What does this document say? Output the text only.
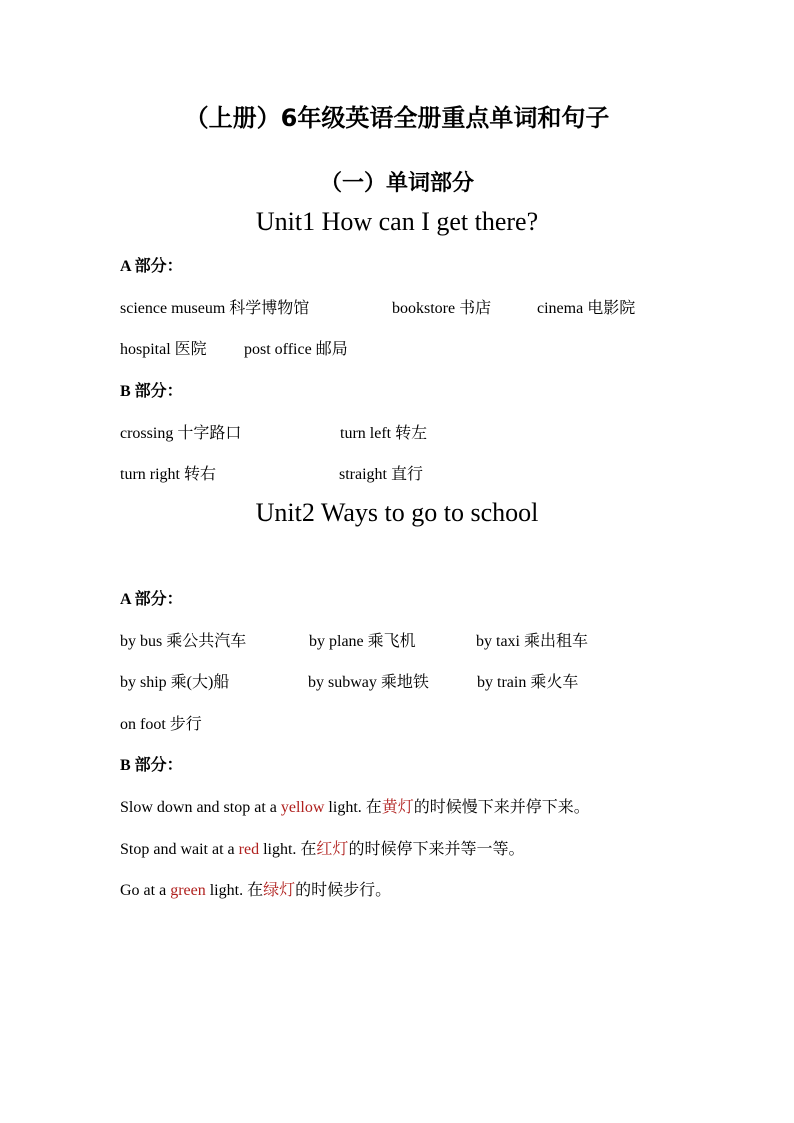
（上册）6年级英语全册重点单词和句子
（一）单词部分
Unit1 How can I get there?
A 部分：
science museum 科学博物馆	bookstore 书店	cinema 电影院
hospital 医院 post office 邮局
B 部分：
crossing 十字路口	turn left 转左
turn right 转右	straight 直行
Unit2 Ways to go to school
A 部分：
by bus 乘公共汽车	by plane 乘飞机	by taxi 乘出租车
by ship 乘(大)船	by subway 乘地铁	by train 乘火车
on foot 步行
B 部分：
Slow down and stop at a yellow light. 在黄灯的时候慢下来并停下来。
Stop and wait at a red light. 在红灯的时候停下来并等一等。
Go at a green light. 在绿灯的时候步行。
